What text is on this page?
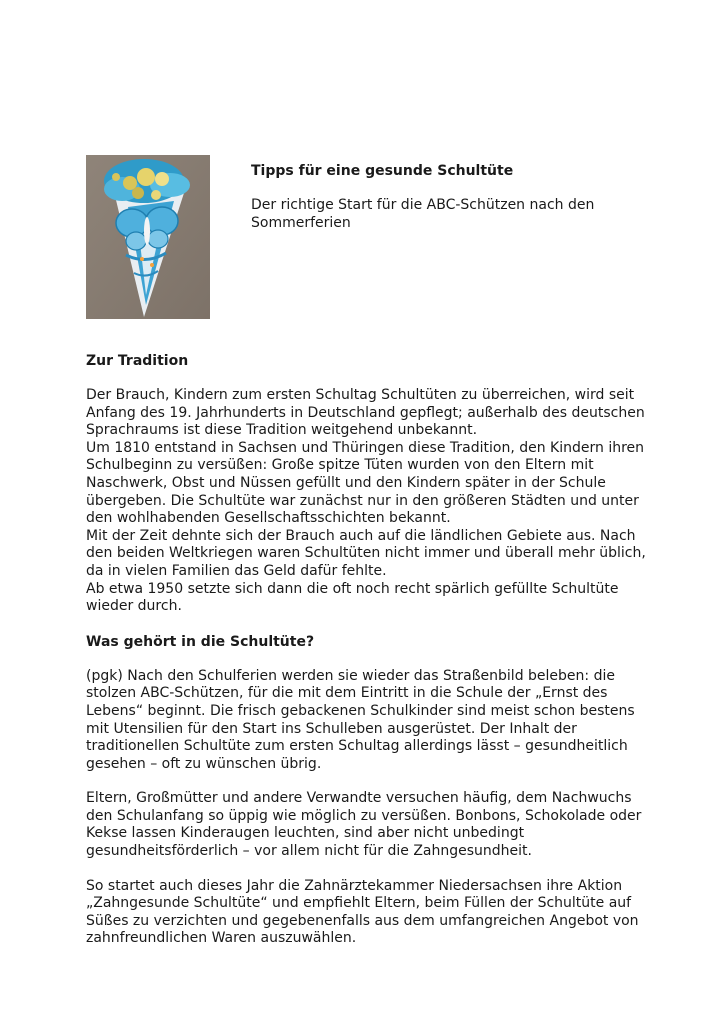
Tipps für eine gesunde Schultüte

Der richtige Start für die ABC-Schützen nach den Sommerferien

Zur Tradition

Der Brauch, Kindern zum ersten Schultag Schultüten zu überreichen, wird seit Anfang des 19. Jahrhunderts in Deutschland gepflegt; außerhalb des deutschen Sprachraums ist diese Tradition weitgehend unbekannt.

Um 1810 entstand in Sachsen und Thüringen diese Tradition, den Kindern ihren Schulbeginn zu versüßen: Große spitze Tüten wurden von den Eltern mit Naschwerk, Obst und Nüssen gefüllt und den Kindern später in der Schule übergeben. Die Schultüte war zunächst nur in den größeren Städten und unter den wohlhabenden Gesellschaftsschichten bekannt.

Mit der Zeit dehnte sich der Brauch auch auf die ländlichen Gebiete aus. Nach den beiden Weltkriegen waren Schultüten nicht immer und überall mehr üblich, da in vielen Familien das Geld dafür fehlte.

Ab etwa 1950 setzte sich dann die oft noch recht spärlich gefüllte Schultüte wieder durch.

Was gehört in die Schultüte?

(pgk) Nach den Schulferien werden sie wieder das Straßenbild beleben: die stolzen ABC-Schützen, für die mit dem Eintritt in die Schule der „Ernst des Lebens“ beginnt. Die frisch gebackenen Schulkinder sind meist schon bestens mit Utensilien für den Start ins Schulleben ausgerüstet. Der Inhalt der traditionellen Schultüte zum ersten Schultag allerdings lässt – gesundheitlich gesehen – oft zu wünschen übrig.

Eltern, Großmütter und andere Verwandte versuchen häufig, dem Nachwuchs den Schulanfang so üppig wie möglich zu versüßen. Bonbons, Schokolade oder Kekse lassen Kinderaugen leuchten, sind aber nicht unbedingt gesundheitsförderlich – vor allem nicht für die Zahngesundheit.

So startet auch dieses Jahr die Zahnärztekammer Niedersachsen ihre Aktion „Zahngesunde Schultüte“ und empfiehlt Eltern, beim Füllen der Schultüte auf Süßes zu verzichten und gegebenenfalls aus dem umfangreichen Angebot von zahnfreundlichen Waren auszuwählen.
